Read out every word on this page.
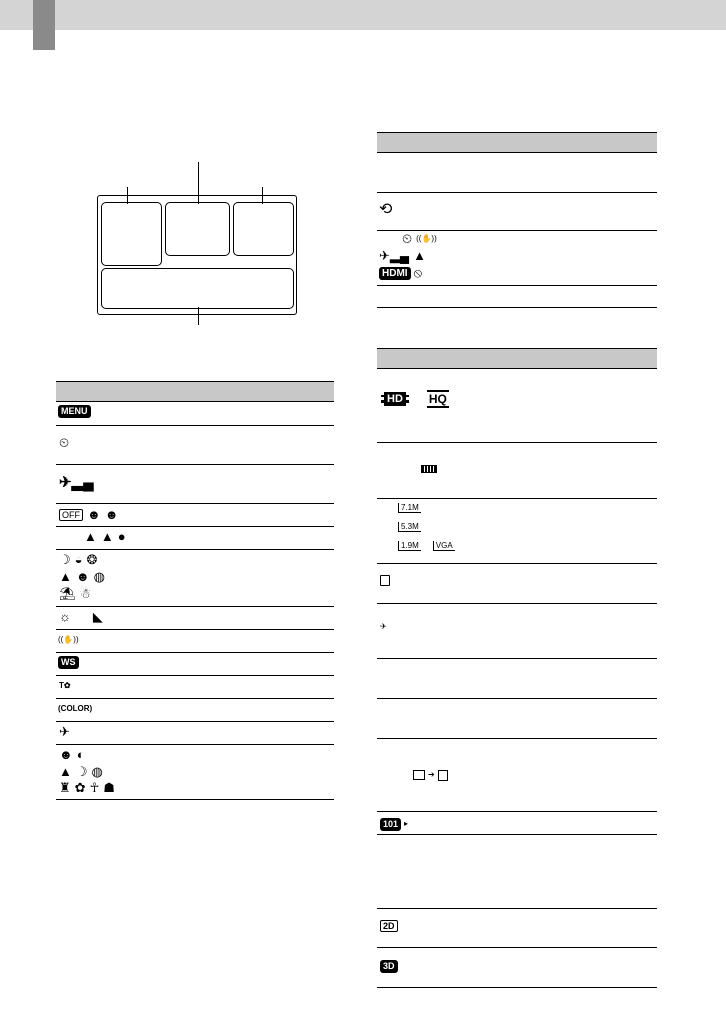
MENU
⏲
✈▂▄
OFF ☻ ☻
▲ ▲ ●
☽ ◒ ❂
▲ ☻ ◍
⛱ ☃
☼ ◣
((✋))
WS
T✿
(COLOR)
✈
☻ ◐
▲ ☽ ◍
♜ ✿ ☥ ☗
⟲
⏲ ((✋))
✈▂▄ ▲
HDMI ⦸
HD	HQ
7.1M
5.3M
1.9M	VGA
✈
➔
101 ▸
2D
3D
